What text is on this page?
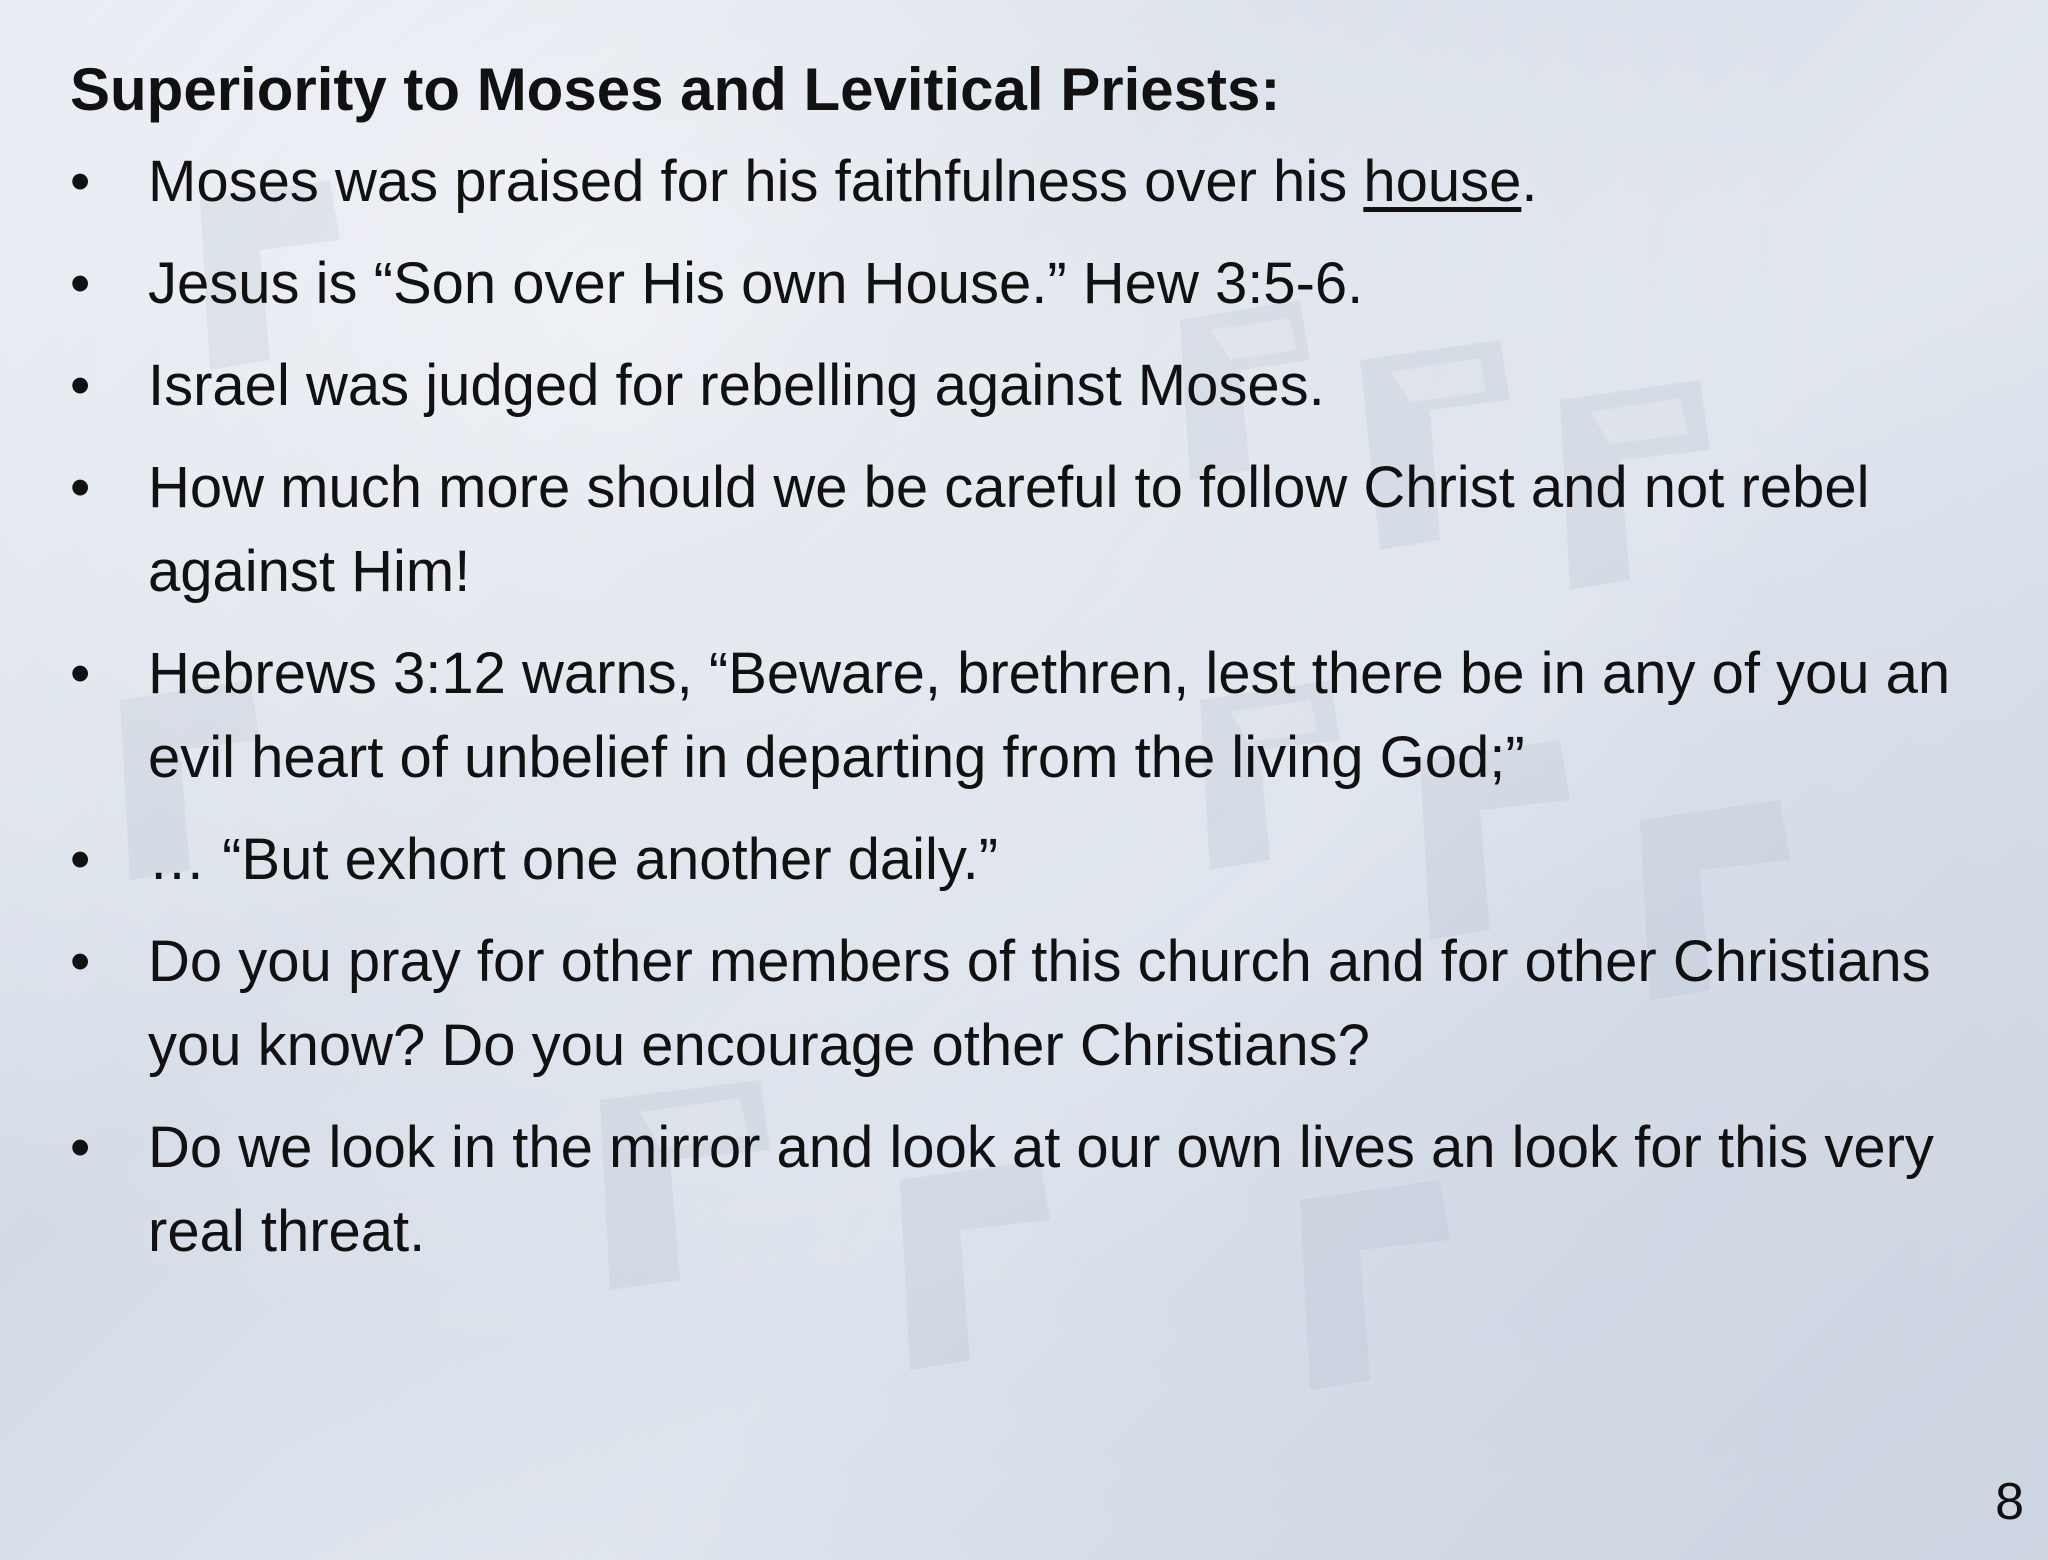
Superiority to Moses and Levitical Priests:
• Moses was praised for his faithfulness over his house.
• Jesus is “Son over His own House.” Hew 3:5-6.
• Israel was judged for rebelling against Moses.
• How much more should we be careful to follow Christ and not rebel against Him!
• Hebrews 3:12 warns, “Beware, brethren, lest there be in any of you an evil heart of unbelief in departing from the living God;”
• … “But exhort one another daily.”
• Do you pray for other members of this church and for other Christians you know? Do you encourage other Christians?
• Do we look in the mirror and look at our own lives an look for this very real threat.
8
